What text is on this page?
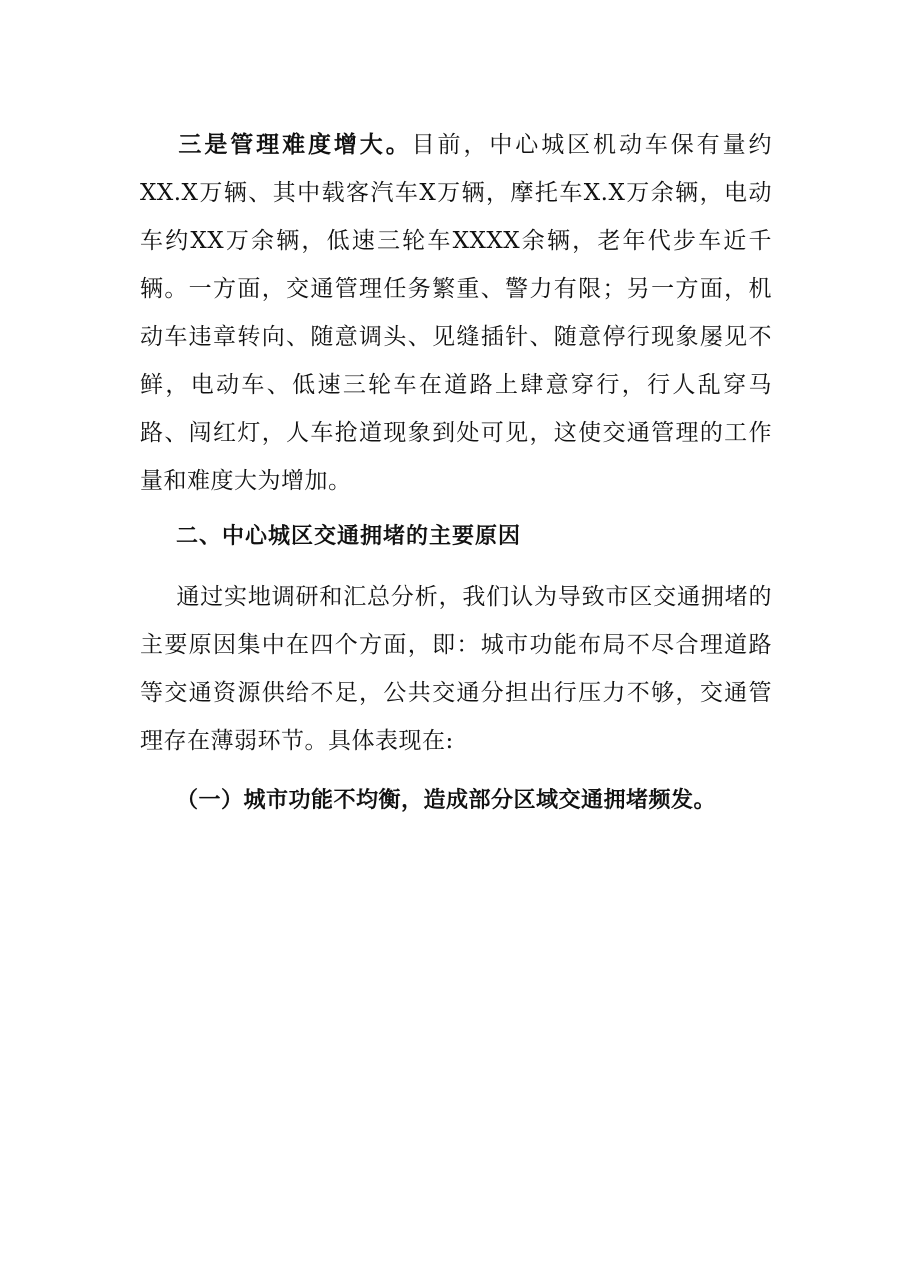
三是管理难度增大。目前，中心城区机动车保有量约XX.X万辆、其中载客汽车X万辆，摩托车X.X万余辆，电动车约XX万余辆，低速三轮车XXXX余辆，老年代步车近千辆。一方面，交通管理任务繁重、警力有限；另一方面，机动车违章转向、随意调头、见缝插针、随意停行现象屡见不鲜，电动车、低速三轮车在道路上肆意穿行，行人乱穿马路、闯红灯，人车抢道现象到处可见，这使交通管理的工作量和难度大为增加。
二、中心城区交通拥堵的主要原因
通过实地调研和汇总分析，我们认为导致市区交通拥堵的主要原因集中在四个方面，即：城市功能布局不尽合理道路等交通资源供给不足，公共交通分担出行压力不够，交通管理存在薄弱环节。具体表现在:
（一）城市功能不均衡，造成部分区域交通拥堵频发。
